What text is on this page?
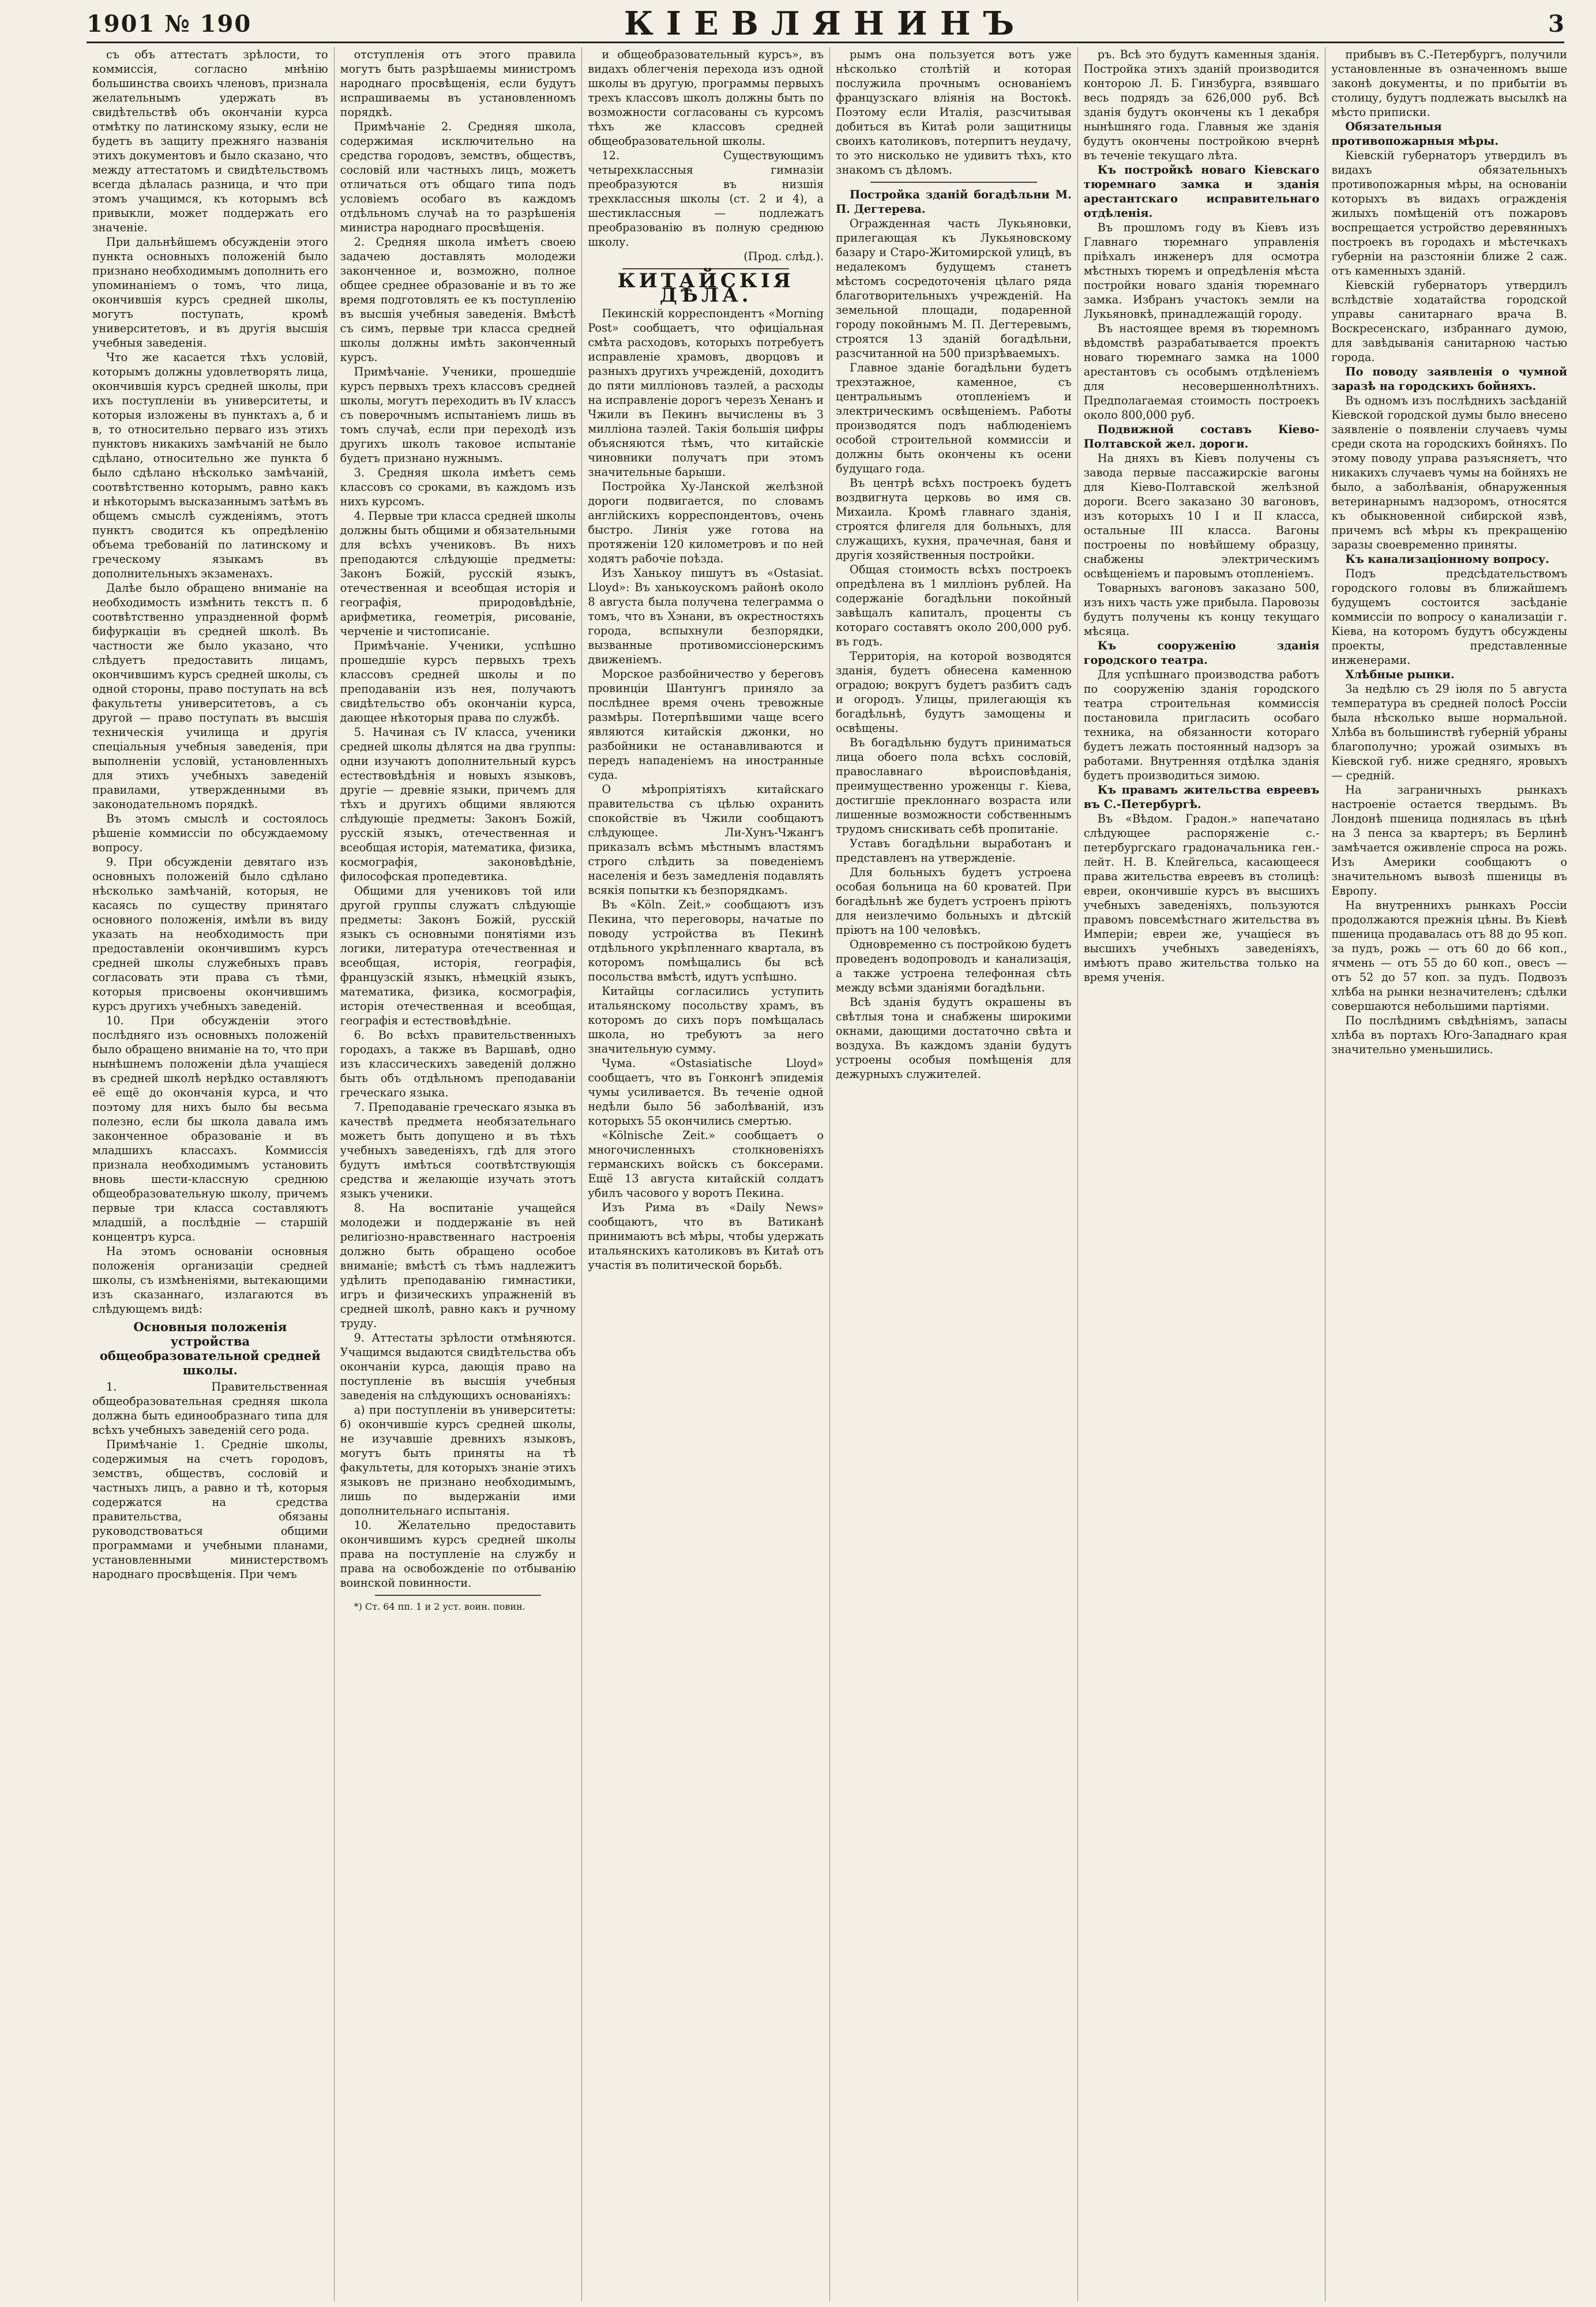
1901 № 190	КІЕВЛЯНИНЪ	3

съ объ аттестатъ зрѣлости, то коммиссія, согласно мнѣнію большинства своихъ членовъ, признала желательнымъ удержать въ свидѣтельствѣ объ окончаніи курса отмѣтку по латинскому языку, если не будетъ въ защиту прежняго названія этихъ документовъ и было сказано, что между аттестатомъ и свидѣтельствомъ всегда дѣлалась разница, и что при этомъ учащимся, къ которымъ всѣ привыкли, может поддержать его значеніе.

При дальнѣйшемъ обсужденіи этого пункта основныхъ положеній было признано необходимымъ дополнить его упоминаніемъ о томъ, что лица, окончившія курсъ средней школы, могутъ поступать, кромѣ университетовъ, и въ другія высшія учебныя заведенія.

Что же касается тѣхъ условій, которымъ должны удовлетворять лица, окончившія курсъ средней школы, при ихъ поступленіи въ университеты, и которыя изложены въ пунктахъ а, б и в, то относительно перваго изъ этихъ пунктовъ никакихъ замѣчаній не было сдѣлано, относительно же пункта б было сдѣлано нѣсколько замѣчаній, соотвѣтственно которымъ, равно какъ и нѣкоторымъ высказаннымъ затѣмъ въ общемъ смыслѣ сужденіямъ, этотъ пунктъ сводится къ опредѣленію объема требованій по латинскому и греческому языкамъ въ дополнительныхъ экзаменахъ.

Далѣе было обращено вниманіе на необходимость измѣнить текстъ п. б соотвѣтственно упраздненной формѣ бифуркаціи въ средней школѣ. Въ частности же было указано, что слѣдуетъ предоставить лицамъ, окончившимъ курсъ средней школы, съ одной стороны, право поступать на всѣ факультеты университетовъ, а съ другой — право поступать въ высшія техническія училища и другія спеціальныя учебныя заведенія, при выполненіи условій, установленныхъ для этихъ учебныхъ заведеній правилами, утвержденными въ законодательномъ порядкѣ.

Въ этомъ смыслѣ и состоялось рѣшеніе коммиссіи по обсуждаемому вопросу.

9. При обсужденіи девятаго изъ основныхъ положеній было сдѣлано нѣсколько замѣчаній, которыя, не касаясь по существу принятаго основного положенія, имѣли въ виду указать на необходимость при предоставленіи окончившимъ курсъ средней школы служебныхъ правъ согласовать эти права съ тѣми, которыя присвоены окончившимъ курсъ другихъ учебныхъ заведеній.

10. При обсужденіи этого послѣдняго изъ основныхъ положеній было обращено вниманіе на то, что при нынѣшнемъ положеніи дѣла учащіеся въ средней школѣ нерѣдко оставляютъ её ещё до окончанія курса, и что поэтому для нихъ было бы весьма полезно, если бы школа давала имъ законченное образованіе и въ младшихъ классахъ. Коммиссія признала необходимымъ установить вновь шести-классную среднюю общеобразовательную школу, причемъ первые три класса составляютъ младшій, а послѣдніе — старшій концентръ курса.

На этомъ основаніи основныя положенія организаціи средней школы, съ измѣненіями, вытекающими изъ сказаннаго, излагаются въ слѣдующемъ видѣ:

Основныя положенія устройства общеобразовательной средней школы.

1. Правительственная общеобразовательная средняя школа должна быть единообразнаго типа для всѣхъ учебныхъ заведеній сего рода.

Примѣчаніе 1. Средніе школы, содержимыя на счетъ городовъ, земствъ, обществъ, сословій и частныхъ лицъ, а равно и тѣ, которыя содержатся на средства правительства, обязаны руководствоваться общими программами и учебными планами, установленными министерствомъ народнаго просвѣщенія. При чемъ

отступленія отъ этого правила могутъ быть разрѣшаемы министромъ народнаго просвѣщенія, если будутъ испрашиваемы въ установленномъ порядкѣ.

Примѣчаніе 2. Средняя школа, содержимая исключительно на средства городовъ, земствъ, обществъ, сословій или частныхъ лицъ, можетъ отличаться отъ общаго типа подъ условіемъ особаго въ каждомъ отдѣльномъ случаѣ на то разрѣшенія министра народнаго просвѣщенія.

2. Средняя школа имѣетъ своею задачею доставлять молодежи законченное и, возможно, полное общее среднее образованіе и въ то же время подготовлять ее къ поступленію въ высшія учебныя заведенія. Вмѣстѣ съ симъ, первые три класса средней школы должны имѣть законченный курсъ.

Примѣчаніе. Ученики, прошедшіе курсъ первыхъ трехъ классовъ средней школы, могутъ переходить въ IV классъ съ поверочнымъ испытаніемъ лишь въ томъ случаѣ, если при переходѣ изъ другихъ школъ таковое испытаніе будетъ признано нужнымъ.

3. Средняя школа имѣетъ семь классовъ со сроками, въ каждомъ изъ нихъ курсомъ.

4. Первые три класса средней школы должны быть общими и обязательными для всѣхъ учениковъ. Въ нихъ преподаются слѣдующіе предметы: Законъ Божій, русскій языкъ, отечественная и всеобщая исторія и географія, природовѣдѣніе, арифметика, геометрія, рисованіе, черченіе и чистописаніе.

Примѣчаніе. Ученики, успѣшно прошедшіе курсъ первыхъ трехъ классовъ средней школы и по преподаваніи изъ нея, получаютъ свидѣтельство объ окончаніи курса, дающее нѣкоторыя права по службѣ.

5. Начиная съ IV класса, ученики средней школы дѣлятся на два группы: одни изучаютъ дополнительный курсъ естествовѣдѣнія и новыхъ языковъ, другіе — древніе языки, причемъ для тѣхъ и другихъ общими являются слѣдующіе предметы: Законъ Божій, русскій языкъ, отечественная и всеобщая исторія, математика, физика, космографія, законовѣдѣніе, философская пропедевтика.

Общими для учениковъ той или другой группы служатъ слѣдующіе предметы: Законъ Божій, русскій языкъ съ основными понятіями изъ логики, литература отечественная и всеобщая, исторія, географія, французскій языкъ, нѣмецкій языкъ, математика, физика, космографія, исторія отечественная и всеобщая, географія и естествовѣдѣніе.

6. Во всѣхъ правительственныхъ городахъ, а также въ Варшавѣ, одно изъ классическихъ заведеній должно быть объ отдѣльномъ преподаваніи греческаго языка.

7. Преподаваніе греческаго языка въ качествѣ предмета необязательнаго можетъ быть допущено и въ тѣхъ учебныхъ заведеніяхъ, гдѣ для этого будутъ имѣться соотвѣтствующія средства и желающіе изучать этотъ языкъ ученики.

8. На воспитаніе учащейся молодежи и поддержаніе въ ней религіозно-нравственнаго настроенія должно быть обращено особое вниманіе; вмѣстѣ съ тѣмъ надлежитъ удѣлить преподаванію гимнастики, игръ и физическихъ упражненій въ средней школѣ, равно какъ и ручному труду.

9. Аттестаты зрѣлости отмѣняются. Учащимся выдаются свидѣтельства объ окончаніи курса, дающія право на поступленіе въ высшія учебныя заведенія на слѣдующихъ основаніяхъ:

а) при поступленіи въ университеты: б) окончившіе курсъ средней школы, не изучавшіе древнихъ языковъ, могутъ быть приняты на тѣ факультеты, для которыхъ знаніе этихъ языковъ не признано необходимымъ, лишь по выдержаніи ими дополнительнаго испытанія.

10. Желательно предоставить окончившимъ курсъ средней школы права на поступленіе на службу и права на освобожденіе по отбыванію воинской повинности.

*) Ст. 64 пп. 1 и 2 уст. воин. повин.

и общеобразовательный курсъ», въ видахъ облегченія перехода изъ одной школы въ другую, программы первыхъ трехъ классовъ школъ должны быть по возможности согласованы съ курсомъ тѣхъ же классовъ средней общеобразовательной школы.

12. Существующимъ четырехклассныя гимназіи преобразуются въ низшія трехклассныя школы (ст. 2 и 4), а шестиклассныя — подлежатъ преобразованію въ полную среднюю школу.

(Прод. слѣд.).

КИТАЙСКІЯ ДѢЛА.

Пекинскій корреспондентъ «Morning Post» сообщаетъ, что офиціальная смѣта расходовъ, которыхъ потребуетъ исправленіе храмовъ, дворцовъ и разныхъ другихъ учрежденій, доходитъ до пяти милліоновъ таэлей, а расходы на исправленіе дорогъ черезъ Хенанъ и Чжили въ Пекинъ вычислены въ 3 милліона таэлей. Такія большія цифры объясняются тѣмъ, что китайскіе чиновники получатъ при этомъ значительные барыши.

Постройка Ху-Ланской желѣзной дороги подвигается, по словамъ англійскихъ корреспондентовъ, очень быстро. Линія уже готова на протяженіи 120 километровъ и по ней ходятъ рабочіе поѣзда.

Изъ Ханькоу пишутъ въ «Ostasiat. Lloyd»: Въ ханькоускомъ районѣ около 8 августа была получена телеграмма о томъ, что въ Хэнани, въ окрестностяхъ города, вспыхнули безпорядки, вызванные противомиссіонерскимъ движеніемъ.

Морское разбойничество у береговъ провинціи Шантунгъ приняло за послѣднее время очень тревожные размѣры. Потерпѣвшими чаще всего являются китайскія джонки, но разбойники не останавливаются и передъ нападеніемъ на иностранные суда.

О мѣропріятіяхъ китайскаго правительства съ цѣлью охранить спокойствіе въ Чжили сообщаютъ слѣдующее. Ли-Хунъ-Чжангъ приказалъ всѣмъ мѣстнымъ властямъ строго слѣдить за поведеніемъ населенія и безъ замедленія подавлять всякія попытки къ безпорядкамъ.

Въ «Köln. Zeit.» сообщаютъ изъ Пекина, что переговоры, начатые по поводу устройства въ Пекинѣ отдѣльного укрѣпленнаго квартала, въ которомъ помѣщались бы всѣ посольства вмѣстѣ, идутъ успѣшно.

Китайцы согласились уступить итальянскому посольству храмъ, въ которомъ до сихъ поръ помѣщалась школа, но требуютъ за него значительную сумму.

Чума. «Ostasiatische Lloyd» сообщаетъ, что въ Гонконгѣ эпидемія чумы усиливается. Въ теченіе одной недѣли было 56 заболѣваній, изъ которыхъ 55 окончились смертью.

«Kölnische Zeit.» сообщаетъ о многочисленныхъ столкновеніяхъ германскихъ войскъ съ боксерами. Ещё 13 августа китайскій солдатъ убилъ часового у воротъ Пекина.

Изъ Рима въ «Daily News» сообщаютъ, что въ Ватиканѣ принимаютъ всѣ мѣры, чтобы удержать итальянскихъ католиковъ въ Китаѣ отъ участія въ политической борьбѣ.

рымъ она пользуется вотъ уже нѣсколько столѣтій и которая послужила прочнымъ основаніемъ французскаго вліянія на Востокѣ. Поэтому если Италія, разсчитывая добиться въ Китаѣ роли защитницы своихъ католиковъ, потерпитъ неудачу, то это нисколько не удивитъ тѣхъ, кто знакомъ съ дѣломъ.

Постройка зданій богадѣльни М. П. Дегтерева.

Огражденная часть Лукьяновки, прилегающая къ Лукьяновскому базару и Старо-Житомирской улицѣ, въ недалекомъ будущемъ станетъ мѣстомъ сосредоточенія цѣлаго ряда благотворительныхъ учрежденій. На земельной площади, подаренной городу покойнымъ М. П. Дегтеревымъ, строятся 13 зданій богадѣльни, разсчитанной на 500 призрѣваемыхъ.

Главное зданіе богадѣльни будетъ трехэтажное, каменное, съ центральнымъ отопленіемъ и электрическимъ освѣщеніемъ. Работы производятся подъ наблюденіемъ особой строительной коммиссіи и должны быть окончены къ осени будущаго года.

Въ центрѣ всѣхъ построекъ будетъ воздвигнута церковь во имя св. Михаила. Кромѣ главнаго зданія, строятся флигеля для больныхъ, для служащихъ, кухня, прачечная, баня и другія хозяйственныя постройки.

Общая стоимость всѣхъ построекъ опредѣлена въ 1 милліонъ рублей. На содержаніе богадѣльни покойный завѣщалъ капиталъ, проценты съ котораго составятъ около 200,000 руб. въ годъ.

Территорія, на которой возводятся зданія, будетъ обнесена каменною оградою; вокругъ будетъ разбитъ садъ и огородъ. Улицы, прилегающія къ богадѣльнѣ, будутъ замощены и освѣщены.

Въ богадѣльню будутъ приниматься лица обоего пола всѣхъ сословій, православнаго вѣроисповѣданія, преимущественно уроженцы г. Кіева, достигшіе преклоннаго возраста или лишенные возможности собственнымъ трудомъ снискивать себѣ пропитаніе.

Уставъ богадѣльни выработанъ и представленъ на утвержденіе.

Для больныхъ будетъ устроена особая больница на 60 кроватей. При богадѣльнѣ же будетъ устроенъ пріютъ для неизлечимо больныхъ и дѣтскій пріютъ на 100 человѣкъ.

Одновременно съ постройкою будетъ проведенъ водопроводъ и канализація, а также устроена телефонная сѣть между всѣми зданіями богадѣльни.

Всѣ зданія будутъ окрашены въ свѣтлыя тона и снабжены широкими окнами, дающими достаточно свѣта и воздуха. Въ каждомъ зданіи будутъ устроены особыя помѣщенія для дежурныхъ служителей.

ръ. Всѣ это будутъ каменныя зданія. Постройка этихъ зданій производится конторою Л. Б. Гинзбурга, взявшаго весь подрядъ за 626,000 руб. Всѣ зданія будутъ окончены къ 1 декабря нынѣшняго года. Главныя же зданія будутъ окончены постройкою вчернѣ въ теченіе текущаго лѣта.

Къ постройкѣ новаго Кіевскаго тюремнаго замка и зданія арестантскаго исправительнаго отдѣленія.

Въ прошломъ году въ Кіевъ изъ Главнаго тюремнаго управленія пріѣхалъ инженеръ для осмотра мѣстныхъ тюремъ и опредѣленія мѣста постройки новаго зданія тюремнаго замка. Избранъ участокъ земли на Лукьяновкѣ, принадлежащій городу.

Въ настоящее время въ тюремномъ вѣдомствѣ разрабатывается проектъ новаго тюремнаго замка на 1000 арестантовъ съ особымъ отдѣленіемъ для несовершеннолѣтнихъ. Предполагаемая стоимость построекъ около 800,000 руб.

Подвижной составъ Кіево-Полтавской жел. дороги.

На дняхъ въ Кіевъ получены съ завода первые пассажирскіе вагоны для Кіево-Полтавской желѣзной дороги. Всего заказано 30 вагоновъ, изъ которыхъ 10 I и II класса, остальные III класса. Вагоны построены по новѣйшему образцу, снабжены электрическимъ освѣщеніемъ и паровымъ отопленіемъ.

Товарныхъ вагоновъ заказано 500, изъ нихъ часть уже прибыла. Паровозы будутъ получены къ концу текущаго мѣсяца.

Къ сооруженію зданія городского театра.

Для успѣшнаго производства работъ по сооруженію зданія городского театра строительная коммиссія постановила пригласить особаго техника, на обязанности котораго будетъ лежать постоянный надзоръ за работами. Внутренняя отдѣлка зданія будетъ производиться зимою.

Къ правамъ жительства евреевъ въ С.-Петербургѣ.

Въ «Вѣдом. Градон.» напечатано слѣдующее распоряженіе с.-петербургскаго градоначальника ген.-лейт. Н. В. Клейгельса, касающееся права жительства евреевъ въ столицѣ: евреи, окончившіе курсъ въ высшихъ учебныхъ заведеніяхъ, пользуются правомъ повсемѣстнаго жительства въ Имперіи; евреи же, учащіеся въ высшихъ учебныхъ заведеніяхъ, имѣютъ право жительства только на время ученія.

прибывъ въ С.-Петербургъ, получили установленные въ означенномъ выше законѣ документы, и по прибытіи въ столицу, будутъ подлежать высылкѣ на мѣсто приписки.

Обязательныя противопожарныя мѣры.

Кіевскій губернаторъ утвердилъ въ видахъ обязательныхъ противопожарныя мѣры, на основаніи которыхъ въ видахъ огражденія жилыхъ помѣщеній отъ пожаровъ воспрещается устройство деревянныхъ построекъ въ городахъ и мѣстечкахъ губерніи на разстояніи ближе 2 саж. отъ каменныхъ зданій.

Кіевскій губернаторъ утвердилъ вслѣдствіе ходатайства городской управы санитарнаго врача В. Воскресенскаго, избраннаго думою, для завѣдыванія санитарною частью города.

По поводу заявленія о чумной заразѣ на городскихъ бойняхъ.

Въ одномъ изъ послѣднихъ засѣданій Кіевской городской думы было внесено заявленіе о появленіи случаевъ чумы среди скота на городскихъ бойняхъ. По этому поводу управа разъясняетъ, что никакихъ случаевъ чумы на бойняхъ не было, а заболѣванія, обнаруженныя ветеринарнымъ надзоромъ, относятся къ обыкновенной сибирской язвѣ, причемъ всѣ мѣры къ прекращенію заразы своевременно приняты.

Къ канализаціонному вопросу.

Подъ предсѣдательствомъ городского головы въ ближайшемъ будущемъ состоится засѣданіе коммиссіи по вопросу о канализаціи г. Кіева, на которомъ будутъ обсуждены проекты, представленные инженерами.

Хлѣбные рынки.

За недѣлю съ 29 іюля по 5 августа температура въ средней полосѣ Россіи была нѣсколько выше нормальной. Хлѣба въ большинствѣ губерній убраны благополучно; урожай озимыхъ въ Кіевской губ. ниже средняго, яровыхъ — средній.

На заграничныхъ рынкахъ настроеніе остается твердымъ. Въ Лондонѣ пшеница поднялась въ цѣнѣ на 3 пенса за квартеръ; въ Берлинѣ замѣчается оживленіе спроса на рожь. Изъ Америки сообщаютъ о значительномъ вывозѣ пшеницы въ Европу.

На внутреннихъ рынкахъ Россіи продолжаются прежнія цѣны. Въ Кіевѣ пшеница продавалась отъ 88 до 95 коп. за пудъ, рожь — отъ 60 до 66 коп., ячмень — отъ 55 до 60 коп., овесъ — отъ 52 до 57 коп. за пудъ. Подвозъ хлѣба на рынки незначителенъ; сдѣлки совершаются небольшими партіями.

По послѣднимъ свѣдѣніямъ, запасы хлѣба въ портахъ Юго-Западнаго края значительно уменьшились.
